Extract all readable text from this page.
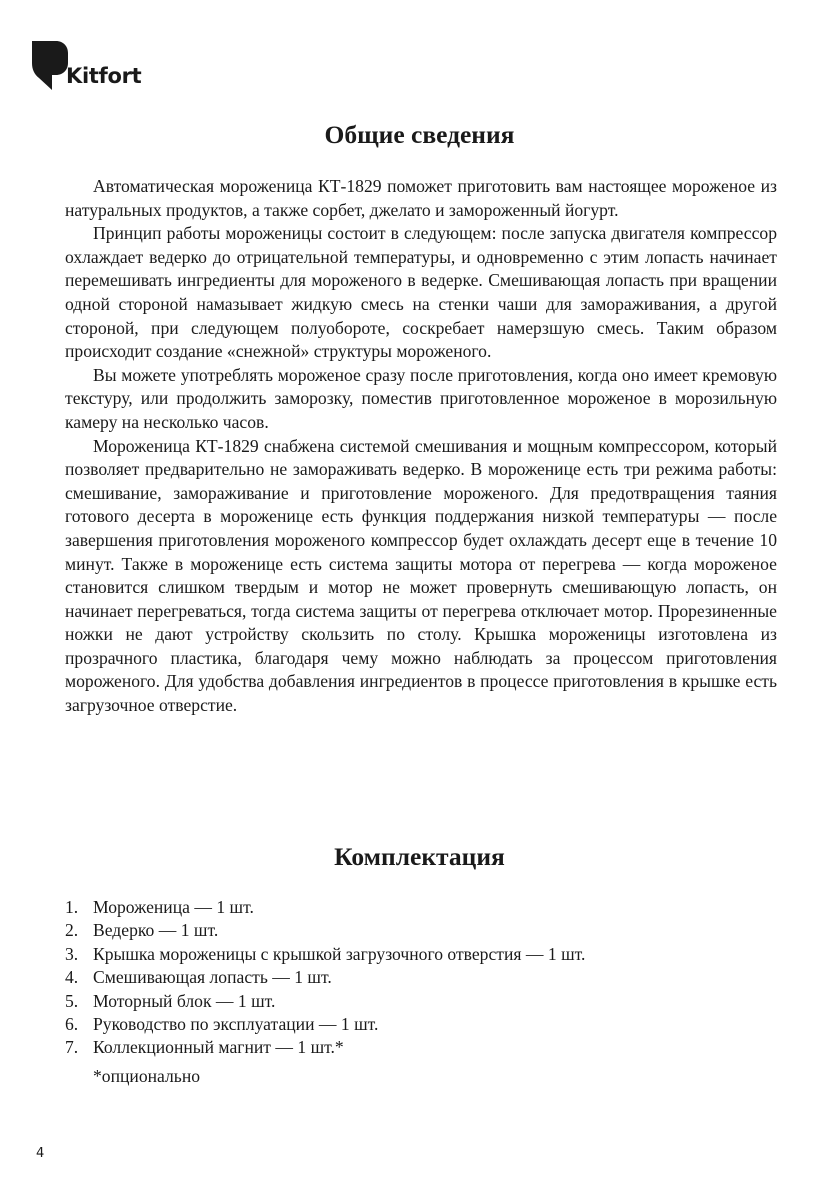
Kitfort
Общие сведения

Автоматическая мороженица КТ-1829 поможет приготовить вам настоящее мороженое из натуральных продуктов, а также сорбет, джелато и замороженный йогурт.

Принцип работы мороженицы состоит в следующем: после запуска двигателя компрессор охлаждает ведерко до отрицательной температуры, и одновременно с этим лопасть начинает перемешивать ингредиенты для мороженого в ведерке. Смешивающая лопасть при вращении одной стороной намазывает жидкую смесь на стенки чаши для замораживания, а другой стороной, при следующем полуобороте, соскребает намерзшую смесь. Таким образом происходит создание «снежной» структуры мороженого.

Вы можете употреблять мороженое сразу после приготовления, когда оно имеет кремовую текстуру, или продолжить заморозку, поместив приготовленное мороженое в морозильную камеру на несколько часов.

Мороженица КТ-1829 снабжена системой смешивания и мощным компрессором, который позволяет предварительно не замораживать ведерко. В мороженице есть три режима работы: смешивание, замораживание и приготовление мороженого. Для предотвращения таяния готового десерта в мороженице есть функция поддержания низкой температуры — после завершения приготовления мороженого компрессор будет охлаждать десерт еще в течение 10 минут. Также в мороженице есть система защиты мотора от перегрева — когда мороженое становится слишком твердым и мотор не может провернуть смешивающую лопасть, он начинает перегреваться, тогда система защиты от перегрева отключает мотор. Прорезиненные ножки не дают устройству скользить по столу. Крышка мороженицы изготовлена из прозрачного пластика, благодаря чему можно наблюдать за процессом приготовления мороженого. Для удобства добавления ингредиентов в процессе приготовления в крышке есть загрузочное отверстие.

Комплектация
1. Мороженица — 1 шт.
2. Ведерко — 1 шт.
3. Крышка мороженицы с крышкой загрузочного отверстия — 1 шт.
4. Смешивающая лопасть — 1 шт.
5. Моторный блок — 1 шт.
6. Руководство по эксплуатации — 1 шт.
7. Коллекционный магнит — 1 шт.*
*опционально
4
